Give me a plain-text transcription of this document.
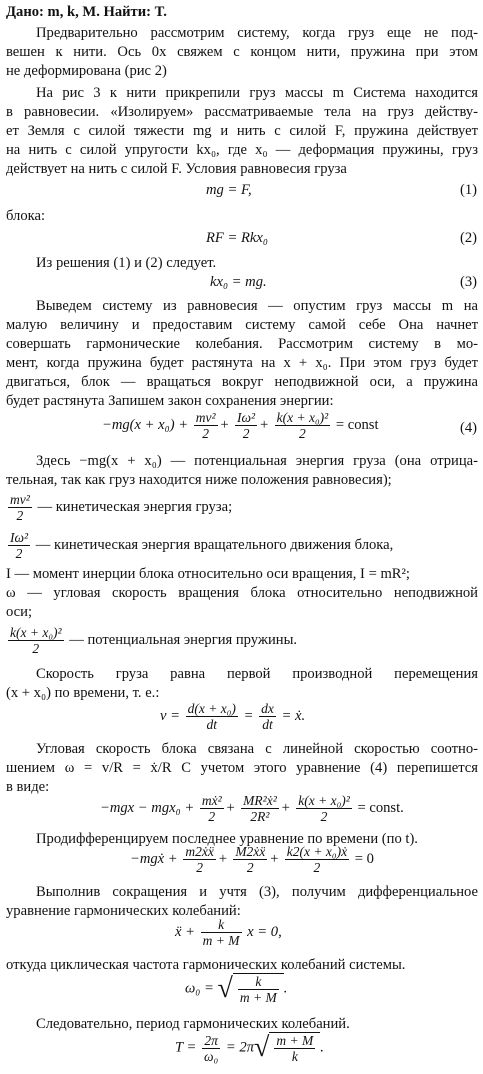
Дано: m, k, M. Найти: T.
Предварительно рассмотрим систему, когда груз еще не под-
вешен к нити. Ось 0x свяжем с концом нити, пружина при этом
не деформирована (рис 2)
На рис 3 к нити прикрепили груз массы m Система находится
в равновесии. «Изолируем» рассматриваемые тела на груз действу-
ет Земля с силой тяжести mg и нить с силой F, пружина действует
на нить с силой упругости kx₀, где x₀ — деформация пружины, груз
действует на нить с силой F. Условия равновесия груза
mg = F,	(1)
блока:
RF = Rkx₀	(2)
Из решения (1) и (2) следует.
kx₀ = mg.	(3)
Выведем систему из равновесия — опустим груз массы m на
малую величину и предоставим систему самой себе Она начнет
совершать гармонические колебания. Рассмотрим систему в мо-
мент, когда пружина будет растянута на x + x₀. При этом груз будет
двигаться, блок — вращаться вокруг неподвижной оси, а пружина
будет растянута Запишем закон сохранения энергии:
$-mg(x + x_0) + \frac{\text{mv²}}{2} + \frac{\text{Iω²}}{2} + \frac{\text{k(x + x₀)²}}{2}$ = const	(4)
Здесь −mg(x + x₀) — потенциальная энергия груза (она отрица-
тельная, так как груз находится ниже положения равновесия);
$\frac{\text{mv²}}{2}$ — кинетическая энергия груза;
$\frac{\text{Iω²}}{2}$ — кинетическая энергия вращательного движения блока,
I — момент инерции блока относительно оси вращения, I = mR²;
ω — угловая скорость вращения блока относительно неподвижной
оси;
$\frac{\text{k(x + x₀)²}}{2}$ — потенциальная энергия пружины.
Скорость груза равна первой производной перемещения
(x + x₀) по времени, т. е.:
$v = \frac{\text{d(x + x₀)}}{dt} = \frac{dx}{dt}$ = ẋ.
Угловая скорость блока связана с линейной скоростью соотно-
шением ω = v/R = ẋ/R С учетом этого уравнение (4) перепишется
в виде:
$-mgx - mgx_0 + \frac{\text{mẋ²}}{2} + \frac{\text{MR²ẋ²}}{\text{2R²}} + \frac{\text{k(x + x₀)²}}{2}$ = const.
Продифференцируем последнее уравнение по времени (по t).
−mgẋ + $\frac{\text{m2ẋẍ}}{2} + \frac{\text{M2ẋẍ}}{2} + \frac{\text{k2(x + x₀)ẋ}}{2} = 0$
Выполнив сокращения и учтя (3), получим дифференциальное
уравнение гармонических колебаний:
ẍ + $\frac{k}{m + M}$ x = 0,
откуда циклическая частота гармонических колебаний системы.
ω₀ = √ $\frac{k}{m + M}$ .
Следовательно, период гармонических колебаний.
$T = \frac{2\pi}{\text{ω₀}} = 2\pi√ \frac{m + M}{k}$ .
